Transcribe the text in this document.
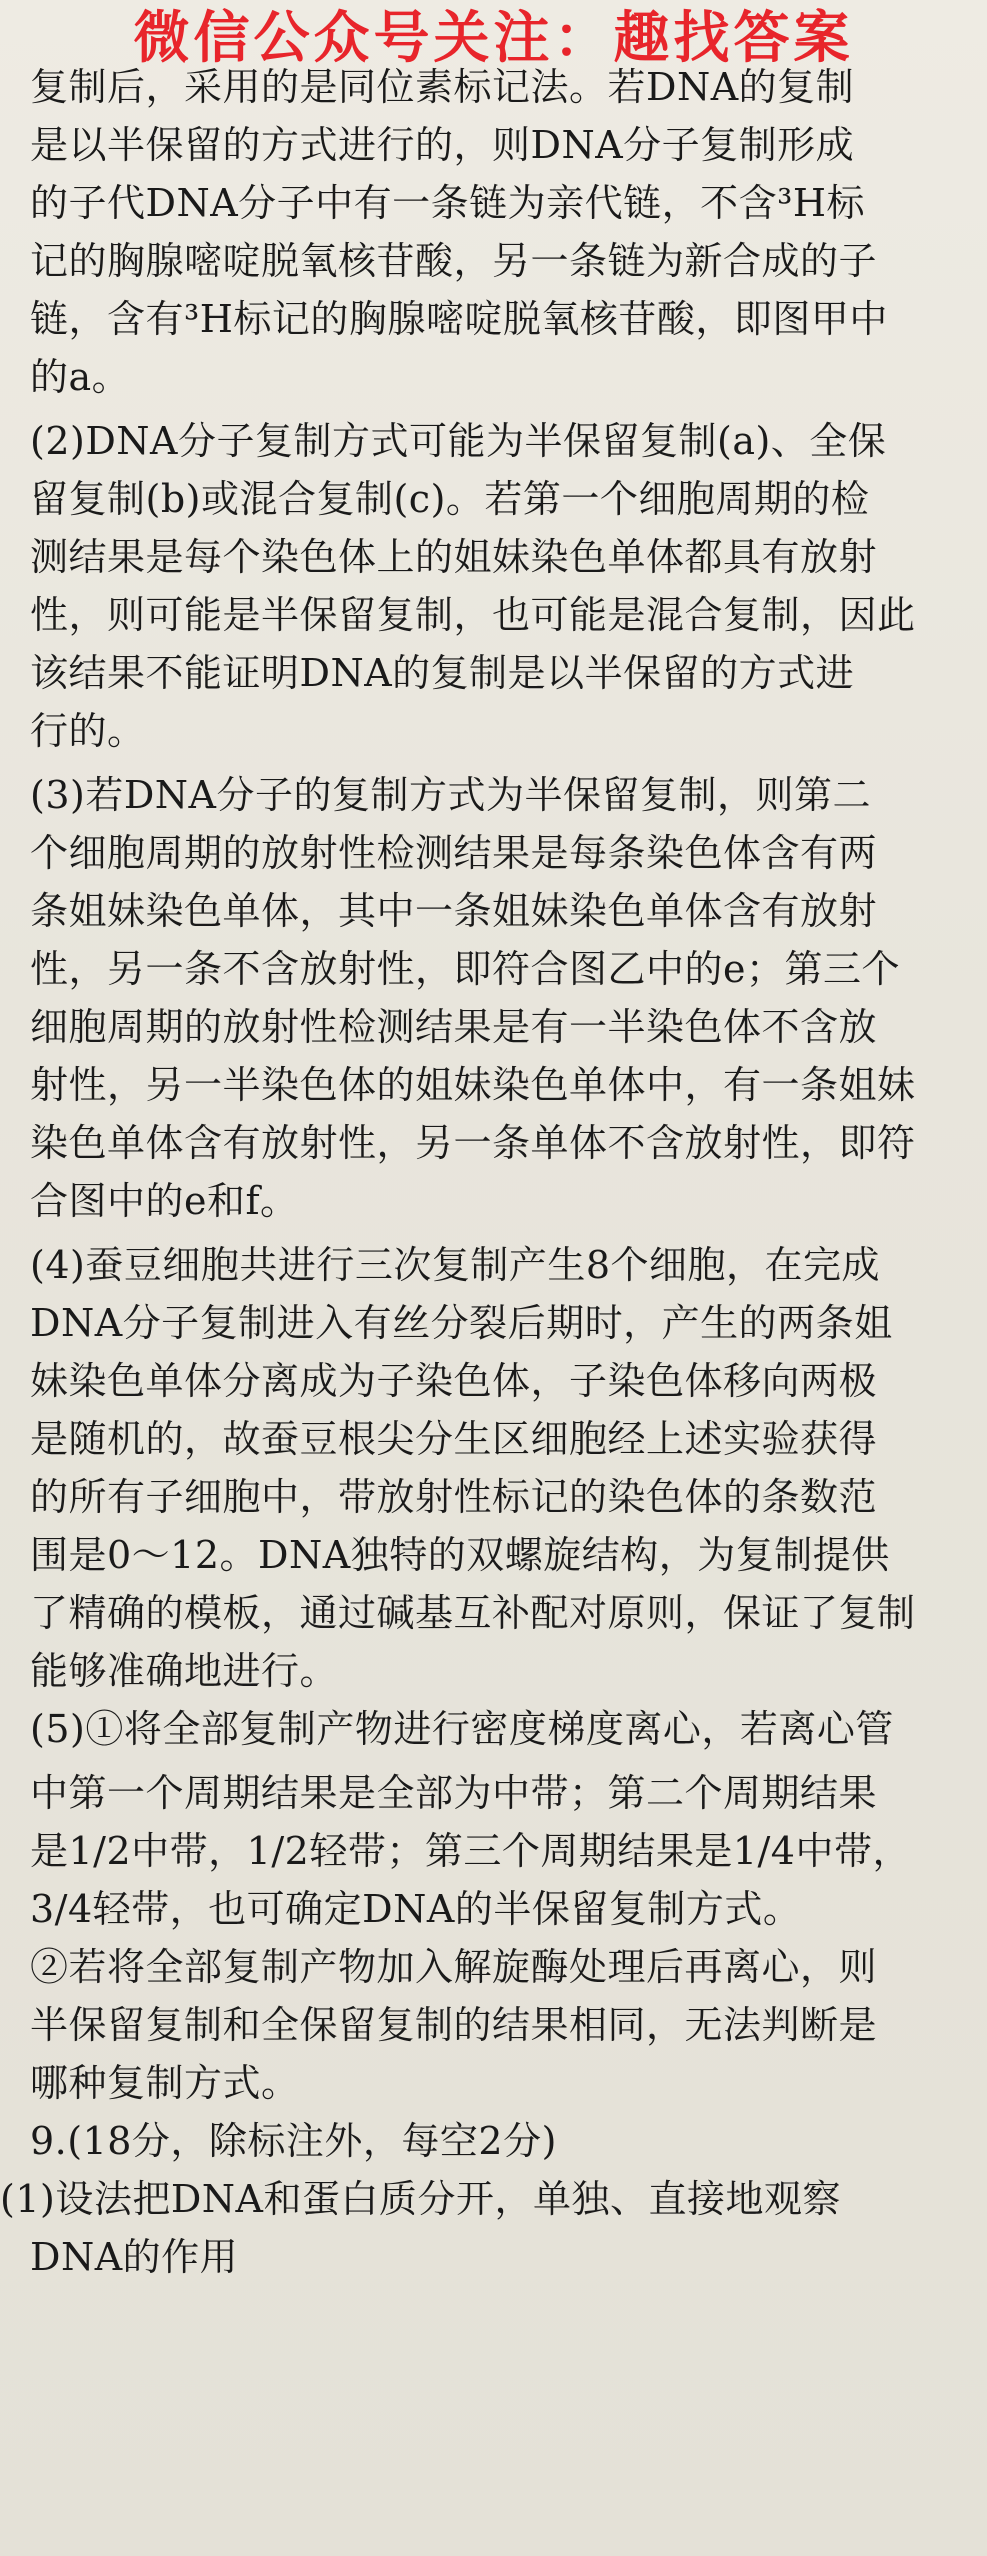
微信公众号关注：趣找答案
复制后，采用的是同位素标记法。若DNA的复制
是以半保留的方式进行的，则DNA分子复制形成
的子代DNA分子中有一条链为亲代链，不含³H标
记的胸腺嘧啶脱氧核苷酸，另一条链为新合成的子
链，含有³H标记的胸腺嘧啶脱氧核苷酸，即图甲中
的a。
(2)DNA分子复制方式可能为半保留复制(a)、全保
留复制(b)或混合复制(c)。若第一个细胞周期的检
测结果是每个染色体上的姐妹染色单体都具有放射
性，则可能是半保留复制，也可能是混合复制，因此
该结果不能证明DNA的复制是以半保留的方式进
行的。
(3)若DNA分子的复制方式为半保留复制，则第二
个细胞周期的放射性检测结果是每条染色体含有两
条姐妹染色单体，其中一条姐妹染色单体含有放射
性，另一条不含放射性，即符合图乙中的e；第三个
细胞周期的放射性检测结果是有一半染色体不含放
射性，另一半染色体的姐妹染色单体中，有一条姐妹
染色单体含有放射性，另一条单体不含放射性，即符
合图中的e和f。
(4)蚕豆细胞共进行三次复制产生8个细胞，在完成
DNA分子复制进入有丝分裂后期时，产生的两条姐
妹染色单体分离成为子染色体，子染色体移向两极
是随机的，故蚕豆根尖分生区细胞经上述实验获得
的所有子细胞中，带放射性标记的染色体的条数范
围是0～12。DNA独特的双螺旋结构，为复制提供
了精确的模板，通过碱基互补配对原则，保证了复制
能够准确地进行。
(5)①将全部复制产物进行密度梯度离心，若离心管
中第一个周期结果是全部为中带；第二个周期结果
是1/2中带，1/2轻带；第三个周期结果是1/4中带，
3/4轻带，也可确定DNA的半保留复制方式。
②若将全部复制产物加入解旋酶处理后再离心，则
半保留复制和全保留复制的结果相同，无法判断是
哪种复制方式。
9.(18分，除标注外，每空2分)
(1)设法把DNA和蛋白质分开，单独、直接地观察
DNA的作用
